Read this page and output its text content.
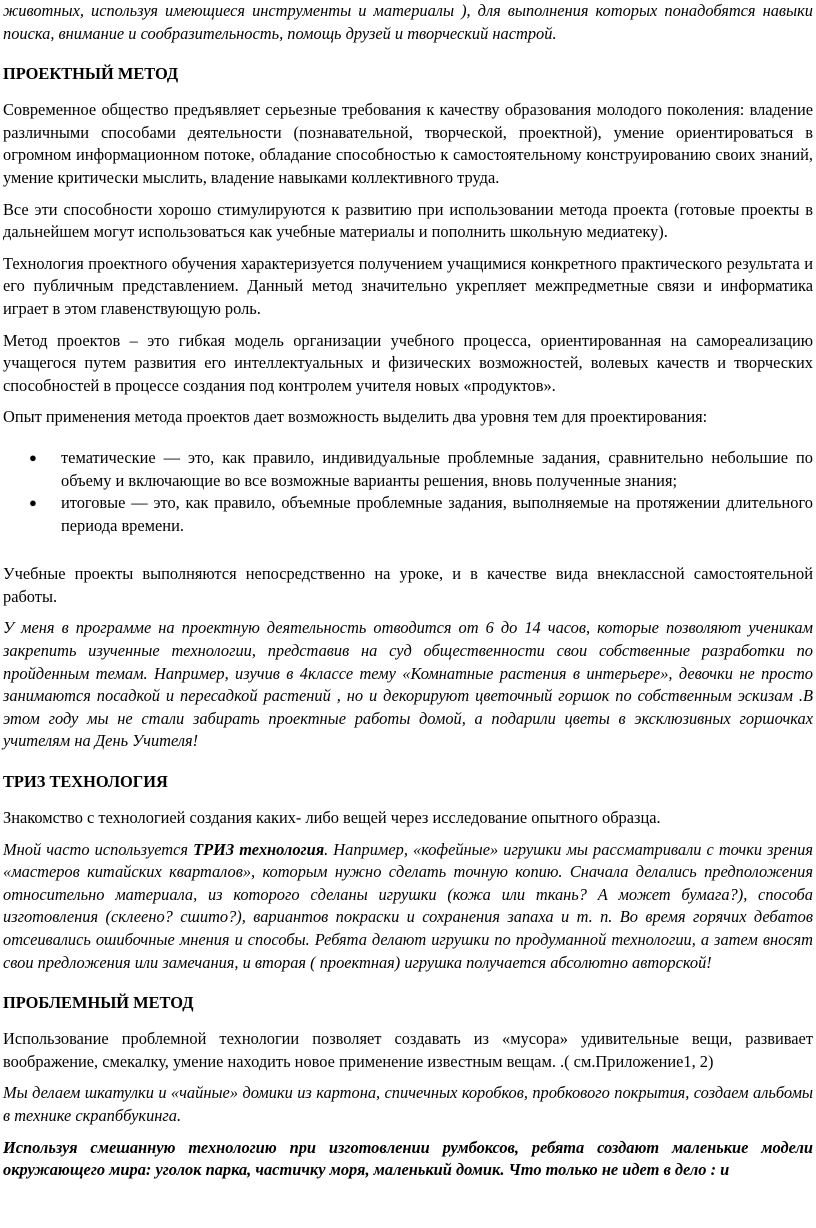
животных, используя имеющиеся инструменты и материалы ), для выполнения которых понадобятся навыки поиска, внимание и сообразительность, помощь друзей и творческий настрой.

ПРОЕКТНЫЙ МЕТОД

Современное общество предъявляет серьезные требования к качеству образования молодого поколения: владение различными способами деятельности (познавательной, творческой, проектной), умение ориентироваться в огромном информационном потоке, обладание способностью к самостоятельному конструированию своих знаний, умение критически мыслить, владение навыками коллективного труда.

Все эти способности хорошо стимулируются к развитию при использовании метода проекта (готовые проекты в дальнейшем могут использоваться как учебные материалы и пополнить школьную медиатеку).

Технология проектного обучения характеризуется получением учащимися конкретного практического результата и его публичным представлением. Данный метод значительно укрепляет межпредметные связи и информатика играет в этом главенствующую роль.

Метод проектов – это гибкая модель организации учебного процесса, ориентированная на самореализацию учащегося путем развития его интеллектуальных и физических возможностей, волевых качеств и творческих способностей в процессе создания под контролем учителя новых «продуктов».

Опыт применения метода проектов дает возможность выделить два уровня тем для проектирования:

● тематические — это, как правило, индивидуальные проблемные задания, сравнительно небольшие по объему и включающие во все возможные варианты решения, вновь полученные знания;
● итоговые — это, как правило, объемные проблемные задания, выполняемые на протяжении длительного периода времени.

Учебные проекты выполняются непосредственно на уроке, и в качестве вида внеклассной самостоятельной работы.

У меня в программе на проектную деятельность отводится от 6 до 14 часов, которые позволяют ученикам закрепить изученные технологии, представив на суд общественности свои собственные разработки по пройденным темам. Например, изучив в 4классе тему «Комнатные растения в интерьере», девочки не просто занимаются посадкой и пересадкой растений , но и декорируют цветочный горшок по собственным эскизам .В этом году мы не стали забирать проектные работы домой, а подарили цветы в эксклюзивных горшочках учителям на День Учителя!

ТРИЗ ТЕХНОЛОГИЯ

Знакомство с технологией создания каких- либо вещей через исследование опытного образца.

Мной часто используется ТРИЗ технология. Например, «кофейные» игрушки мы рассматривали с точки зрения «мастеров китайских кварталов», которым нужно сделать точную копию. Сначала делались предположения относительно материала, из которого сделаны игрушки (кожа или ткань? А может бумага?), способа изготовления (склеено? сшито?), вариантов покраски и сохранения запаха и т. п. Во время горячих дебатов отсеивались ошибочные мнения и способы. Ребята делают игрушки по продуманной технологии, а затем вносят свои предложения или замечания, и вторая ( проектная) игрушка получается абсолютно авторской!

ПРОБЛЕМНЫЙ МЕТОД

Использование проблемной технологии позволяет создавать из «мусора» удивительные вещи, развивает воображение, смекалку, умение находить новое применение известным вещам. .( см.Приложение1, 2)

Мы делаем шкатулки и «чайные» домики из картона, спичечных коробков, пробкового покрытия, создаем альбомы в технике скрапббукинга.

Используя смешанную технологию при изготовлении румбоксов, ребята создают маленькие модели окружающего мира: уголок парка, частичку моря, маленький домик. Что только не идет в дело : и
